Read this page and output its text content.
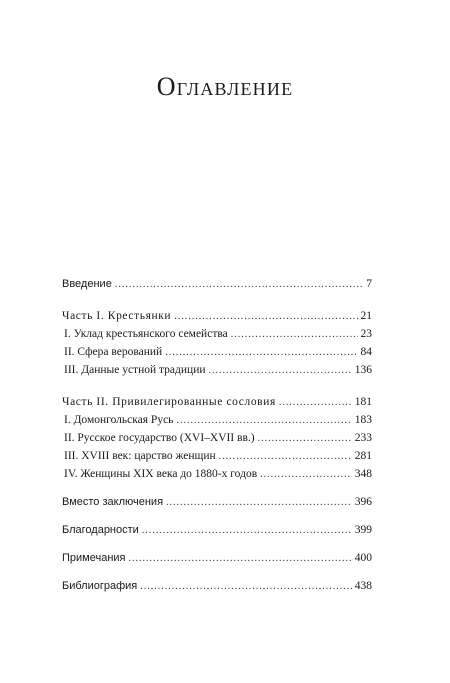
Оглавление
Введение .....	7
Часть I. Крестьянки .....	21
I. Уклад крестьянского семейства .....	23
II. Сфера верований .....	84
III. Данные устной традиции .....	136
Часть II. Привилегированные сословия .....	181
I. Домонгольская Русь .....	183
II. Русское государство (XVI–XVII вв.) .....	233
III. XVIII век: царство женщин .....	281
IV. Женщины XIX века до 1880-х годов .....	348
Вместо заключения .....	396
Благодарности .....	399
Примечания .....	400
Библиография .....	438
